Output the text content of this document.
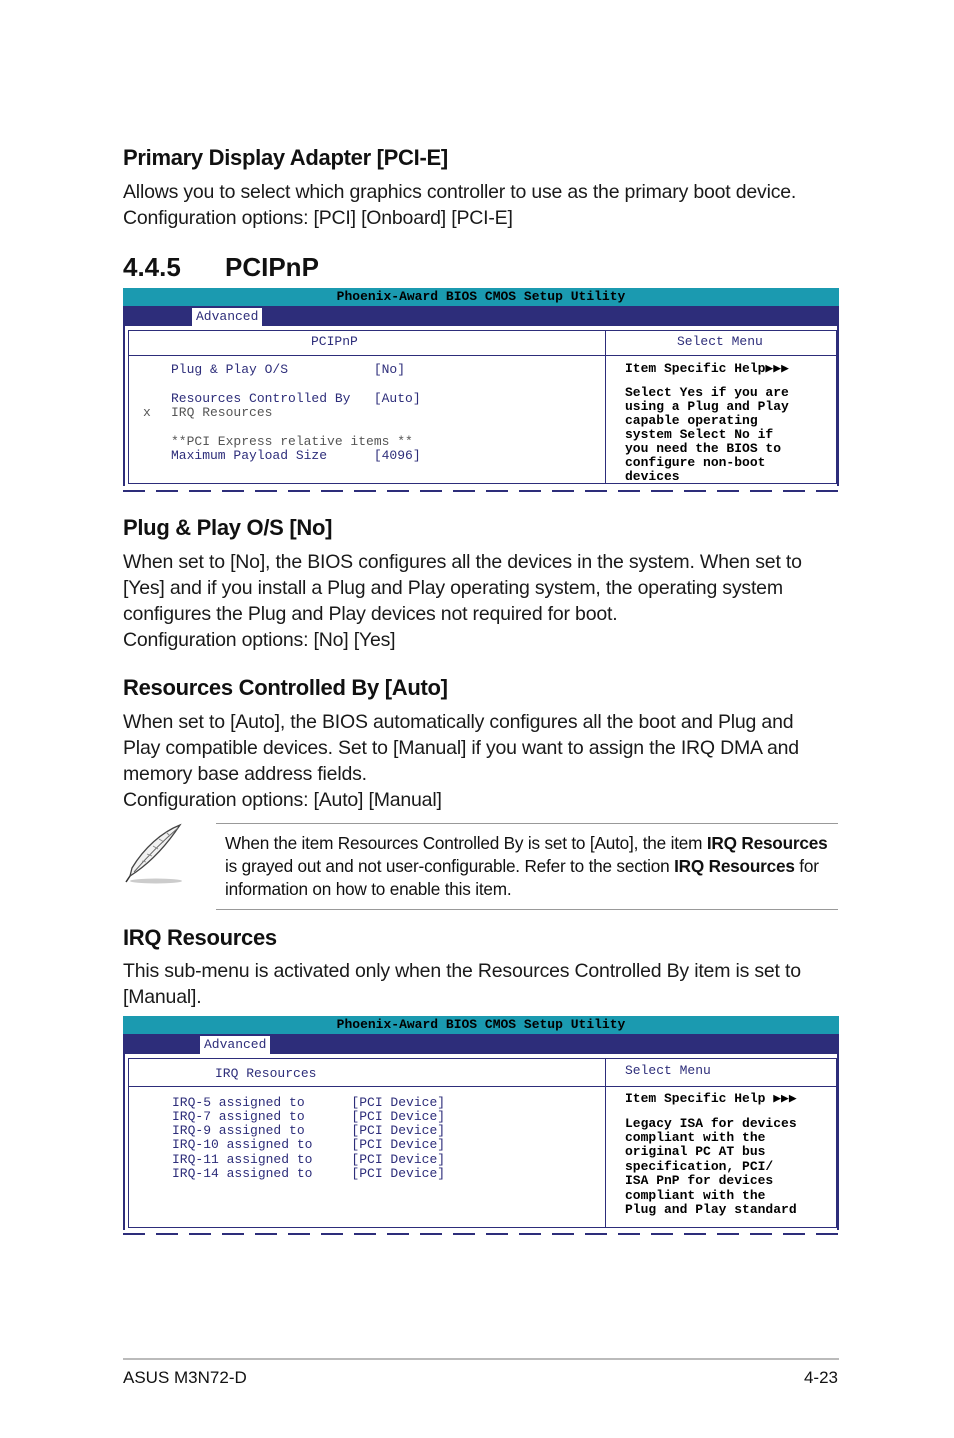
Primary Display Adapter [PCI-E]
Allows you to select which graphics controller to use as the primary boot device.
Configuration options: [PCI] [Onboard] [PCI-E]
4.4.5 PCIPnP
Phoenix-Award BIOS CMOS Setup Utility
Advanced
PCIPnP	Select Menu
Plug & Play O/S           [No]
Resources Controlled By   [Auto]
x IRQ Resources
**PCI Express relative items **
Maximum Payload Size      [4096]
Item Specific Help▶▶▶
Select Yes if you are
using a Plug and Play
capable operating
system Select No if
you need the BIOS to
configure non-boot
devices
Plug & Play O/S [No]
When set to [No], the BIOS configures all the devices in the system. When set to
[Yes] and if you install a Plug and Play operating system, the operating system
configures the Plug and Play devices not required for boot.
Configuration options: [No] [Yes]
Resources Controlled By [Auto]
When set to [Auto], the BIOS automatically configures all the boot and Plug and
Play compatible devices. Set to [Manual] if you want to assign the IRQ DMA and
memory base address fields.
Configuration options: [Auto] [Manual]
When the item Resources Controlled By is set to [Auto], the item IRQ Resources is grayed out and not user-configurable. Refer to the section IRQ Resources for information on how to enable this item.
IRQ Resources
This sub-menu is activated only when the Resources Controlled By item is set to
[Manual].
Phoenix-Award BIOS CMOS Setup Utility
Advanced
IRQ Resources	Select Menu
IRQ-5 assigned to      [PCI Device]
IRQ-7 assigned to      [PCI Device]
IRQ-9 assigned to      [PCI Device]
IRQ-10 assigned to     [PCI Device]
IRQ-11 assigned to     [PCI Device]
IRQ-14 assigned to     [PCI Device]
Item Specific Help ▶▶▶
Legacy ISA for devices
compliant with the
original PC AT bus
specification, PCI/
ISA PnP for devices
compliant with the
Plug and Play standard
ASUS M3N72-D	4-23
